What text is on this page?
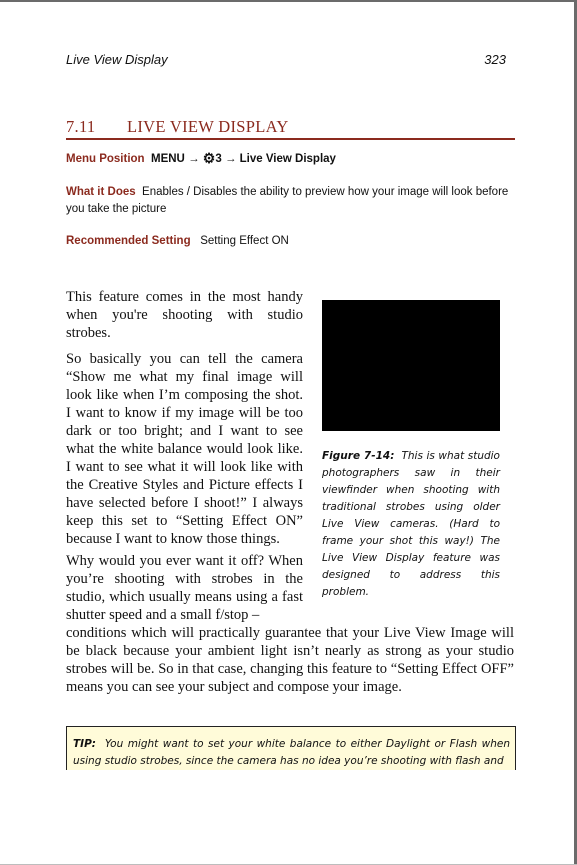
Live View Display	323
7.11 LIVE VIEW DISPLAY
Menu Position MENU → ⚙3 → Live View Display
What it Does Enables / Disables the ability to preview how your image will look before you take the picture
Recommended Setting Setting Effect ON

This feature comes in the most handy when you're shooting with studio strobes.

So basically you can tell the camera “Show me what my final image will look like when I’m composing the shot. I want to know if my image will be too dark or too bright; and I want to see what the white balance would look like. I want to see what it will look like with the Creative Styles and Picture effects I have selected before I shoot!” I always keep this set to “Setting Effect ON” because I want to know those things.

Why would you ever want it off? When you’re shooting with strobes in the studio, which usually means using a fast shutter speed and a small f/stop –

conditions which will practically guarantee that your Live View Image will be black because your ambient light isn’t nearly as strong as your studio strobes will be. So in that case, changing this feature to “Setting Effect OFF” means you can see your subject and compose your image.

Figure 7-14: This is what studio photographers saw in their viewfinder when shooting with traditional strobes using older Live View cameras. (Hard to frame your shot this way!) The Live View Display feature was designed to address this problem.

TIP: You might want to set your white balance to either Daylight or Flash when using studio strobes, since the camera has no idea you’re shooting with flash and
